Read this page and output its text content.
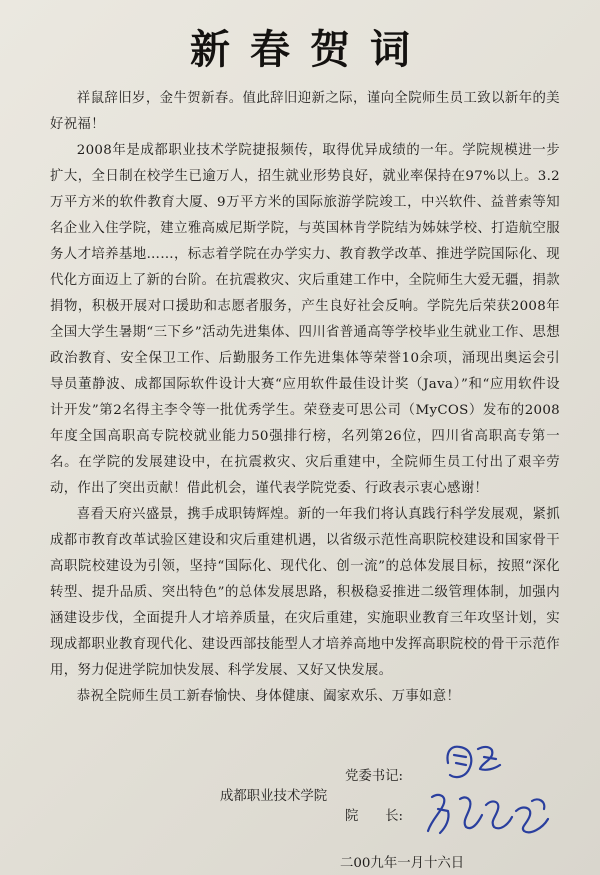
新春贺词

祥鼠辞旧岁，金牛贺新春。值此辞旧迎新之际，谨向全院师生员工致以新年的美好祝福！

2008年是成都职业技术学院捷报频传，取得优异成绩的一年。学院规模进一步扩大，全日制在校学生已逾万人，招生就业形势良好，就业率保持在97%以上。3.2万平方米的软件教育大厦、9万平方米的国际旅游学院竣工，中兴软件、益普索等知名企业入住学院，建立雅高威尼斯学院，与英国林肯学院结为姊妹学校、打造航空服务人才培养基地……，标志着学院在办学实力、教育教学改革、推进学院国际化、现代化方面迈上了新的台阶。在抗震救灾、灾后重建工作中，全院师生大爱无疆，捐款捐物，积极开展对口援助和志愿者服务，产生良好社会反响。学院先后荣获2008年全国大学生暑期“三下乡”活动先进集体、四川省普通高等学校毕业生就业工作、思想政治教育、安全保卫工作、后勤服务工作先进集体等荣誉10余项，涌现出奥运会引导员董静波、成都国际软件设计大赛“应用软件最佳设计奖（Java）”和“应用软件设计开发”第2名得主李令等一批优秀学生。荣登麦可思公司（MyCOS）发布的2008年度全国高职高专院校就业能力50强排行榜，名列第26位，四川省高职高专第一名。在学院的发展建设中，在抗震救灾、灾后重建中，全院师生员工付出了艰辛劳动，作出了突出贡献！借此机会，谨代表学院党委、行政表示衷心感谢！

喜看天府兴盛景，携手成职铸辉煌。新的一年我们将认真践行科学发展观，紧抓成都市教育改革试验区建设和灾后重建机遇，以省级示范性高职院校建设和国家骨干高职院校建设为引领，坚持“国际化、现代化、创一流”的总体发展目标，按照“深化转型、提升品质、突出特色”的总体发展思路，积极稳妥推进二级管理体制，加强内涵建设步伐，全面提升人才培养质量，在灾后重建，实施职业教育三年攻坚计划，实现成都职业教育现代化、建设西部技能型人才培养高地中发挥高职院校的骨干示范作用，努力促进学院加快发展、科学发展、又好又快发展。

恭祝全院师生员工新春愉快、身体健康、阖家欢乐、万事如意！

成都职业技术学院
党委书记:
院　　长:
二00九年一月十六日
